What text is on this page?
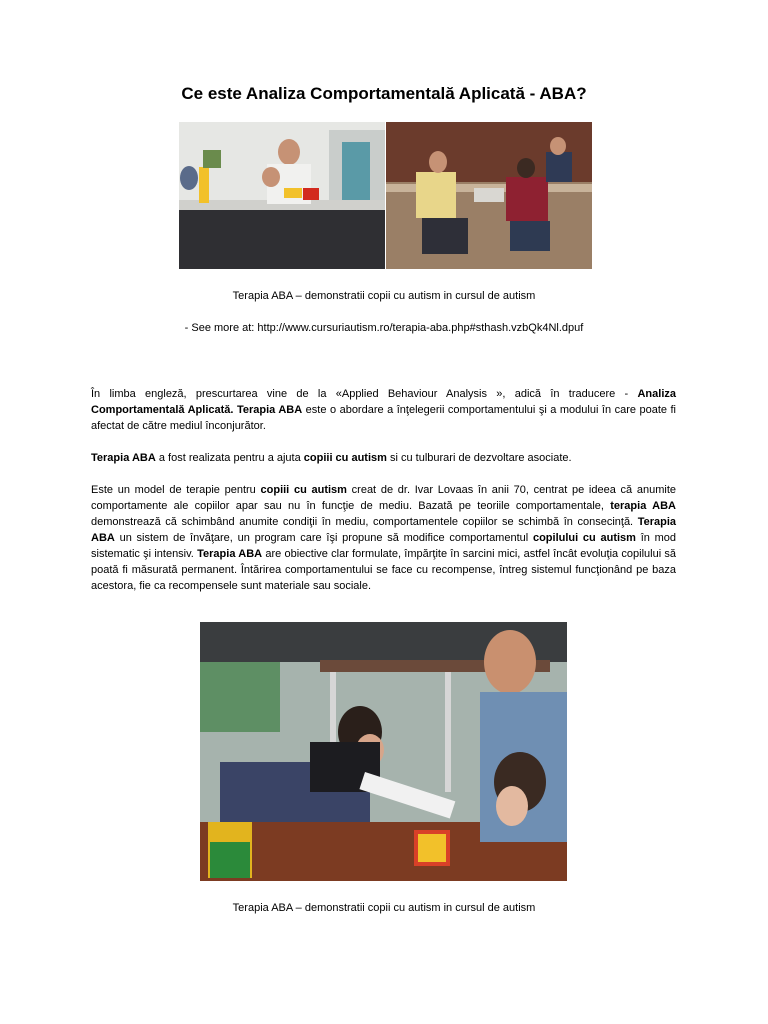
Ce este Analiza Comportamentală Aplicată - ABA?
Terapia ABA – demonstratii copii cu autism in cursul de autism
- See more at: http://www.cursuriautism.ro/terapia-aba.php#sthash.vzbQk4Nl.dpuf
În limba engleză, prescurtarea vine de la «Applied Behaviour Analysis », adică în traducere - Analiza Comportamentală Aplicată. Terapia ABA este o abordare a înţelegerii comportamentului şi a modului în care poate fi afectat de către mediul înconjurător.
Terapia ABA a fost realizata pentru a ajuta copiii cu autism si cu tulburari de dezvoltare asociate.
Este un model de terapie pentru copiii cu autism creat de dr. Ivar Lovaas în anii 70, centrat pe ideea că anumite comportamente ale copiilor apar sau nu în funcţie de mediu. Bazată pe teoriile comportamentale, terapia ABA demonstrează că schimbând anumite condiţii în mediu, comportamentele copiilor se schimbă în consecinţă. Terapia ABA un sistem de învăţare, un program care îşi propune să modifice comportamentul copilului cu autism în mod sistematic şi intensiv. Terapia ABA are obiective clar formulate, împărţite în sarcini mici, astfel încât evoluţia copilului să poată fi măsurată permanent. Întărirea comportamentului se face cu recompense, întreg sistemul funcţionând pe baza acestora, fie ca recompensele sunt materiale sau sociale.
Terapia ABA – demonstratii copii cu autism in cursul de autism
